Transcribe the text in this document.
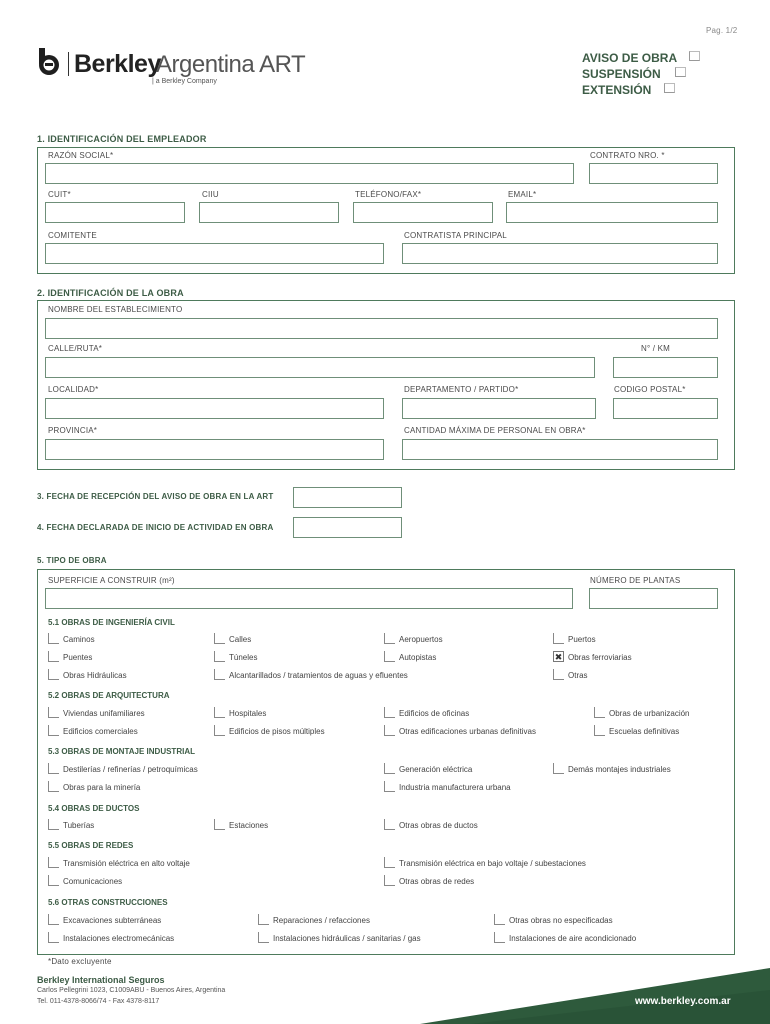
Pag. 1/2
Berkley
Argentina ART
| a Berkley Company
AVISO DE OBRA
SUSPENSIÓN
EXTENSIÓN
1. IDENTIFICACIÓN DEL EMPLEADOR
RAZÓN SOCIAL*	CONTRATO NRO. *
CUIT*	CIIU	TELÉFONO/FAX*	EMAIL*
COMITENTE	CONTRATISTA PRINCIPAL
2. IDENTIFICACIÓN DE LA OBRA
NOMBRE DEL ESTABLECIMIENTO
CALLE/RUTA*	N° / KM
LOCALIDAD*	DEPARTAMENTO / PARTIDO*	CODIGO POSTAL*
PROVINCIA*	CANTIDAD MÁXIMA DE PERSONAL EN OBRA*
3. FECHA DE RECEPCIÓN DEL AVISO DE OBRA EN LA ART
4. FECHA DECLARADA DE INICIO DE ACTIVIDAD EN OBRA
5. TIPO DE OBRA
SUPERFICIE A CONSTRUIR (m²)	NÚMERO DE PLANTAS
5.1 OBRAS DE INGENIERÍA CIVIL
Caminos	Calles	Aeropuertos	Puertos
Puentes	Túneles	Autopistas	✖ Obras ferroviarias
Obras Hidráulicas	Alcantarillados / tratamientos de aguas y efluentes	Otras
5.2 OBRAS DE ARQUITECTURA
Viviendas unifamiliares	Hospitales	Edificios de oficinas	Obras de urbanización
Edificios comerciales	Edificios de pisos múltiples	Otras edificaciones urbanas definitivas	Escuelas definitivas
5.3 OBRAS DE MONTAJE INDUSTRIAL
Destilerías / refinerías / petroquímicas	Generación eléctrica	Demás montajes industriales
Obras para la minería	Industria manufacturera urbana
5.4 OBRAS DE DUCTOS
Tuberías	Estaciones	Otras obras de ductos
5.5 OBRAS DE REDES
Transmisión eléctrica en alto voltaje	Transmisión eléctrica en bajo voltaje / subestaciones
Comunicaciones	Otras obras de redes
5.6 OTRAS CONSTRUCCIONES
Excavaciones subterráneas	Reparaciones / refacciones	Otras obras no especificadas
Instalaciones electromecánicas	Instalaciones hidráulicas / sanitarias / gas	Instalaciones de aire acondicionado
*Dato excluyente
Berkley International Seguros
Carlos Pellegrini 1023, C1009ABU - Buenos Aires, Argentina
Tel. 011-4378-8066/74 - Fax 4378-8117	www.berkley.com.ar
